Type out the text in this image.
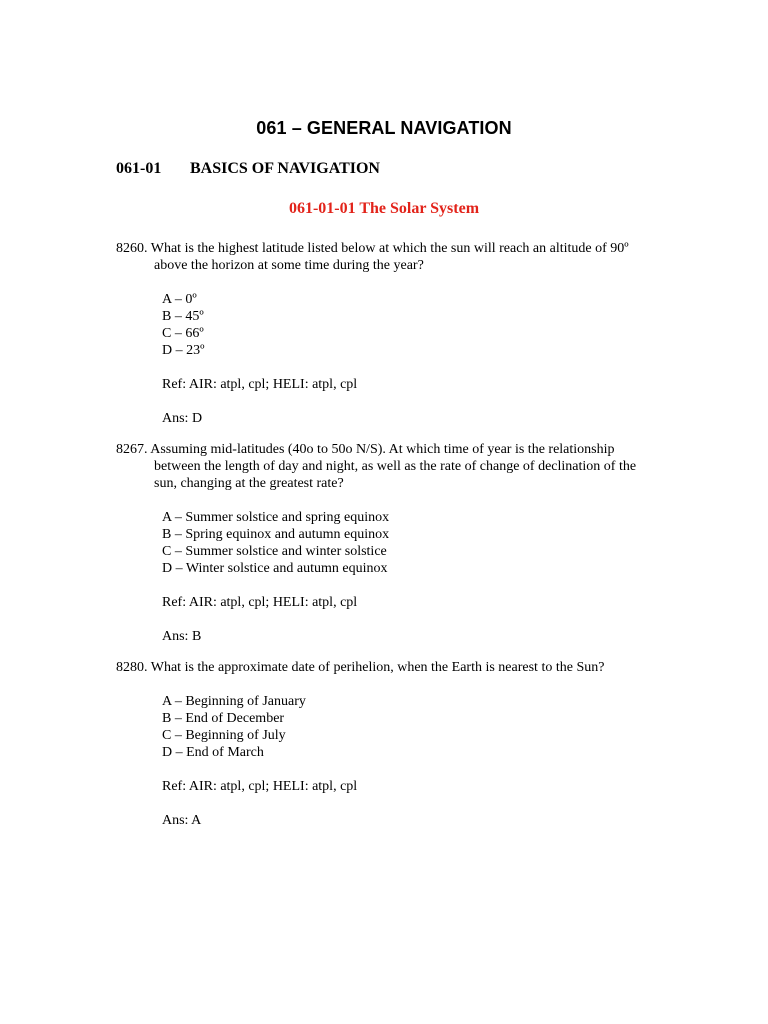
061 – GENERAL NAVIGATION
061-01 BASICS OF NAVIGATION
061-01-01 The Solar System

8260. What is the highest latitude listed below at which the sun will reach an altitude of 90º above the horizon at some time during the year?

A – 0º
B – 45º
C – 66º
D – 23º
Ref: AIR: atpl, cpl; HELI: atpl, cpl
Ans: D

8267. Assuming mid-latitudes (40o to 50o N/S). At which time of year is the relationship between the length of day and night, as well as the rate of change of declination of the sun, changing at the greatest rate?

A – Summer solstice and spring equinox
B – Spring equinox and autumn equinox
C – Summer solstice and winter solstice
D – Winter solstice and autumn equinox
Ref: AIR: atpl, cpl; HELI: atpl, cpl
Ans: B

8280. What is the approximate date of perihelion, when the Earth is nearest to the Sun?

A – Beginning of January
B – End of December
C – Beginning of July
D – End of March
Ref: AIR: atpl, cpl; HELI: atpl, cpl
Ans: A
